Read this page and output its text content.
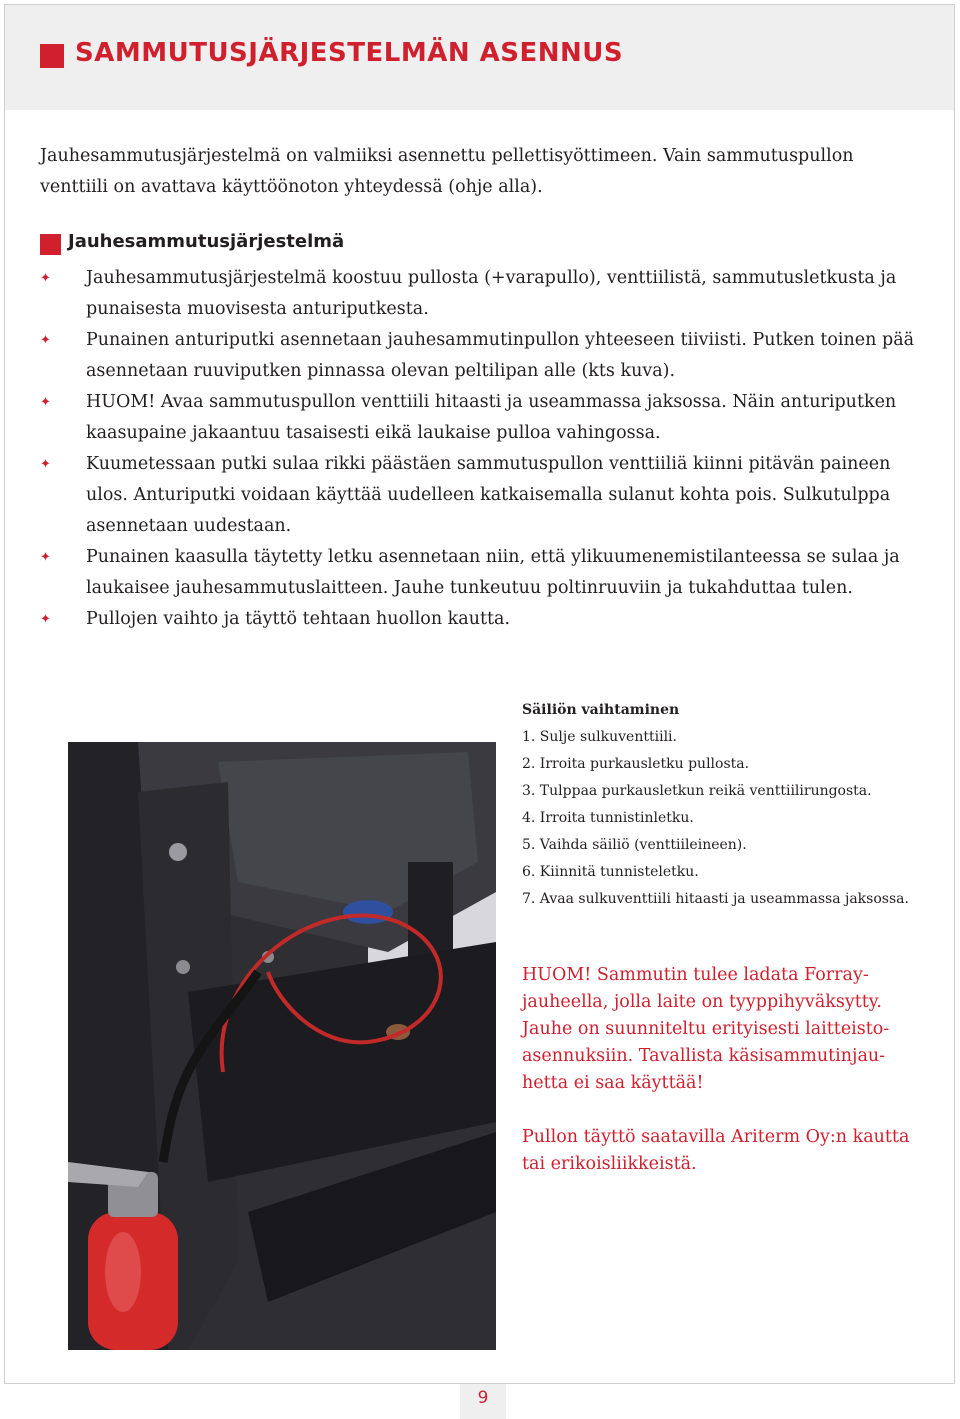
SAMMUTUSJÄRJESTELMÄN ASENNUS

Jauhesammutusjärjestelmä on valmiiksi asennettu pellettisyöttimeen. Vain sammutuspullon venttiili on avattava käyttöönoton yhteydessä (ohje alla).

Jauhesammutusjärjestelmä
✦ Jauhesammutusjärjestelmä koostuu pullosta (+varapullo), venttiilistä, sammutusletkusta ja punaisesta muovisesta anturiputkesta.
✦ Punainen anturiputki asennetaan jauhesammutinpullon yhteeseen tiiviisti. Putken toinen pää asennetaan ruuviputken pinnassa olevan peltilipan alle (kts kuva).
✦ HUOM! Avaa sammutuspullon venttiili hitaasti ja useammassa jaksossa. Näin anturiputken kaasupaine jakaantuu tasaisesti eikä laukaise pulloa vahingossa.
✦ Kuumetessaan putki sulaa rikki päästäen sammutuspullon venttiiliä kiinni pitävän paineen ulos. Anturiputki voidaan käyttää uudelleen katkaisemalla sulanut kohta pois. Sulkutulppa asennetaan uudestaan.
✦ Punainen kaasulla täytetty letku asennetaan niin, että ylikuumenemistilanteessa se sulaa ja laukaisee jauhesammutuslaitteen. Jauhe tunkeutuu poltinruuviin ja tukahduttaa tulen.
✦ Pullojen vaihto ja täyttö tehtaan huollon kautta.
Säiliön vaihtaminen
1. Sulje sulkuventtiili.
2. Irroita purkausletku pullosta.
3. Tulppaa purkausletkun reikä venttiilirungosta.
4. Irroita tunnistinletku.
5. Vaihda säiliö (venttiileineen).
6. Kiinnitä tunnisteletku.
7. Avaa sulkuventtiili hitaasti ja useammassa jaksossa.

HUOM! Sammutin tulee ladata Forrayjauheella, jolla laite on tyyppihyväksytty. Jauhe on suunniteltu erityisesti laitteistoasennuksiin. Tavallista käsisammutinjauhetta ei saa käyttää!

Pullon täyttö saatavilla Ariterm Oy:n kautta tai erikoisliikkeistä.

9
